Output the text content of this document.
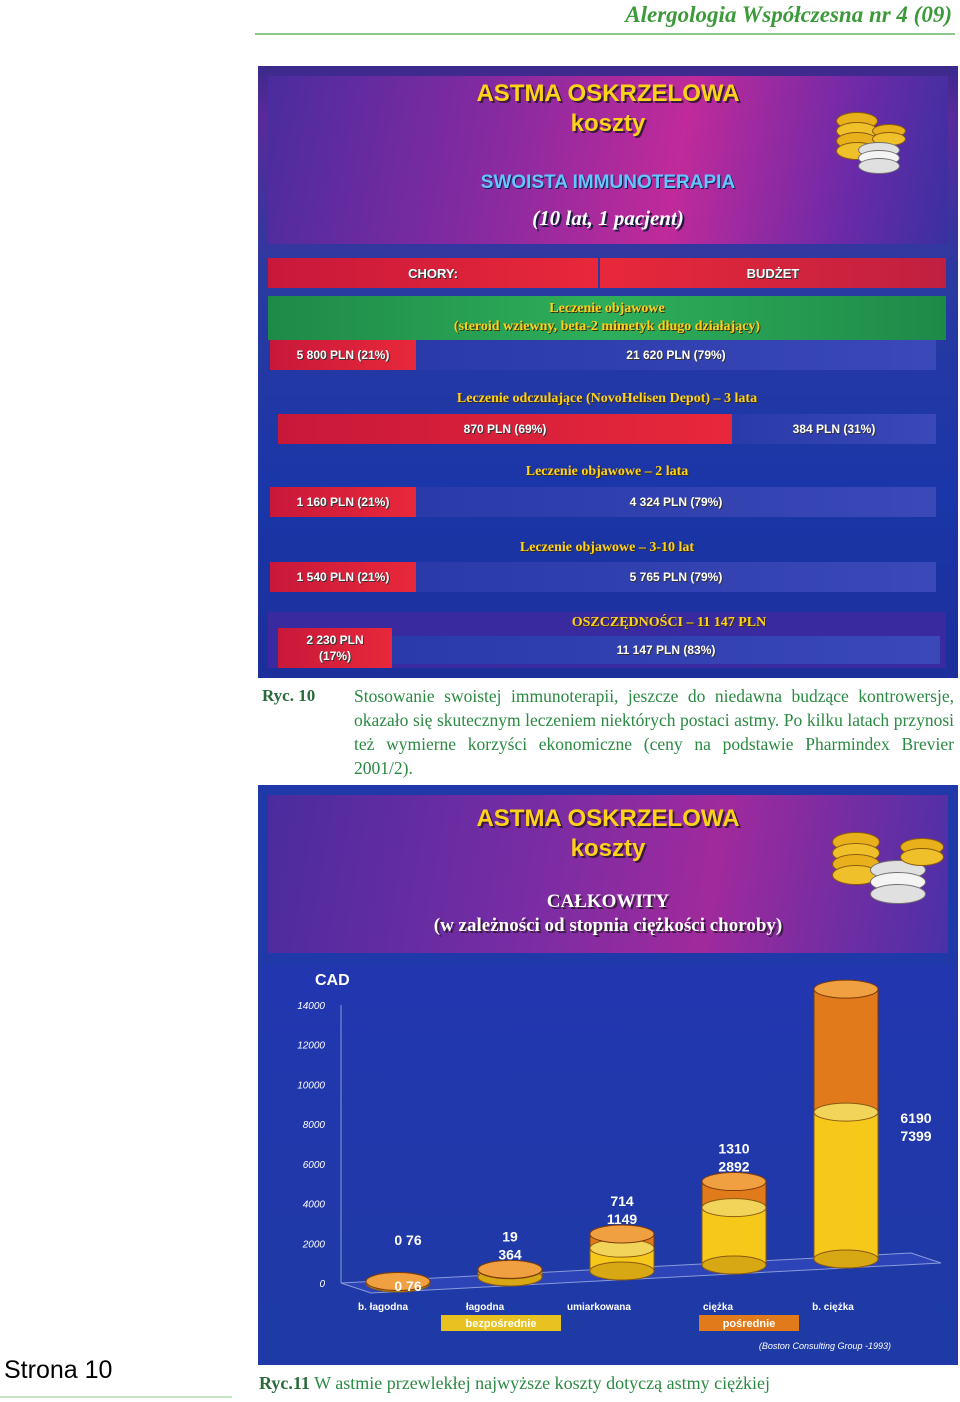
Alergologia Współczesna nr 4 (09)
ASTMA OSKRZELOWA
koszty
SWOISTA IMMUNOTERAPIA
(10 lat, 1 pacjent)
CHORY:	BUDŻET
Leczenie objawowe
(steroid wziewny, beta-2 mimetyk długo działający)
5 800 PLN (21%)	21 620 PLN (79%)
Leczenie odczulające (NovoHelisen Depot) – 3 lata
870 PLN (69%)	384 PLN (31%)
Leczenie objawowe – 2 lata
1 160 PLN (21%)	4 324 PLN (79%)
Leczenie objawowe – 3-10 lat
1 540 PLN (21%)	5 765 PLN (79%)
OSZCZĘDNOŚCI – 11 147 PLN
2 230 PLN
(17%)	11 147 PLN (83%)
Ryc. 10 Stosowanie swoistej immunoterapii, jeszcze do niedawna budzące kontrowersje, okazało się skutecznym leczeniem niektórych postaci astmy. Po kilku latach przynosi też wymierne korzyści ekonomiczne (ceny na podstawie Pharmindex Brevier 2001/2).
ASTMA OSKRZELOWA
koszty
CAŁKOWITY
(w zależności od stopnia ciężkości choroby)
CAD
14000
12000
10000
8000
6000
4000
2000
0
0 76
0 76
19
364
714
1149
1310
2892
6190
7399
b. łagodna	łagodna	umiarkowana	ciężka	b. ciężka
bezpośrednie	pośrednie
(Boston Consulting Group -1993)
Strona 10	Ryc.11 W astmie przewlekłej najwyższe koszty dotyczą astmy ciężkiej
